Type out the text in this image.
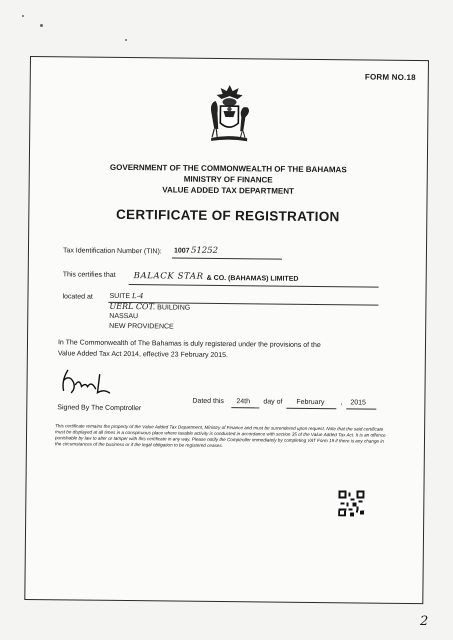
FORM NO.18
GOVERNMENT OF THE COMMONWEALTH OF THE BAHAMAS
MINISTRY OF FINANCE
VALUE ADDED TAX DEPARTMENT
CERTIFICATE OF REGISTRATION
Tax Identification Number (TIN): 1007 51252
This certifies that BALACK STAR & CO. (BAHAMAS) LIMITED
located at SUITE L-4
UERL COT. BUILDING
NASSAU
NEW PROVIDENCE
In The Commonwealth of The Bahamas is duly registered under the provisions of the
Value Added Tax Act 2014, effective 23 February 2015.
Signed By The Comptroller
Dated this 24th day of February , 2015
This certificate remains the property of the Value Added Tax Department, Ministry of Finance and must be surrendered upon request. Note that the said certificate must be displayed at all times in a conspicuous place where taxable activity is conducted in accordance with section 35 of the Value Added Tax Act. It is an offence punishable by law to alter or tamper with this certificate in any way. Please notify the Comptroller immediately by completing VAT Form 19 if there is any change in the circumstances of the business or if the legal obligation to be registered ceases.
2
